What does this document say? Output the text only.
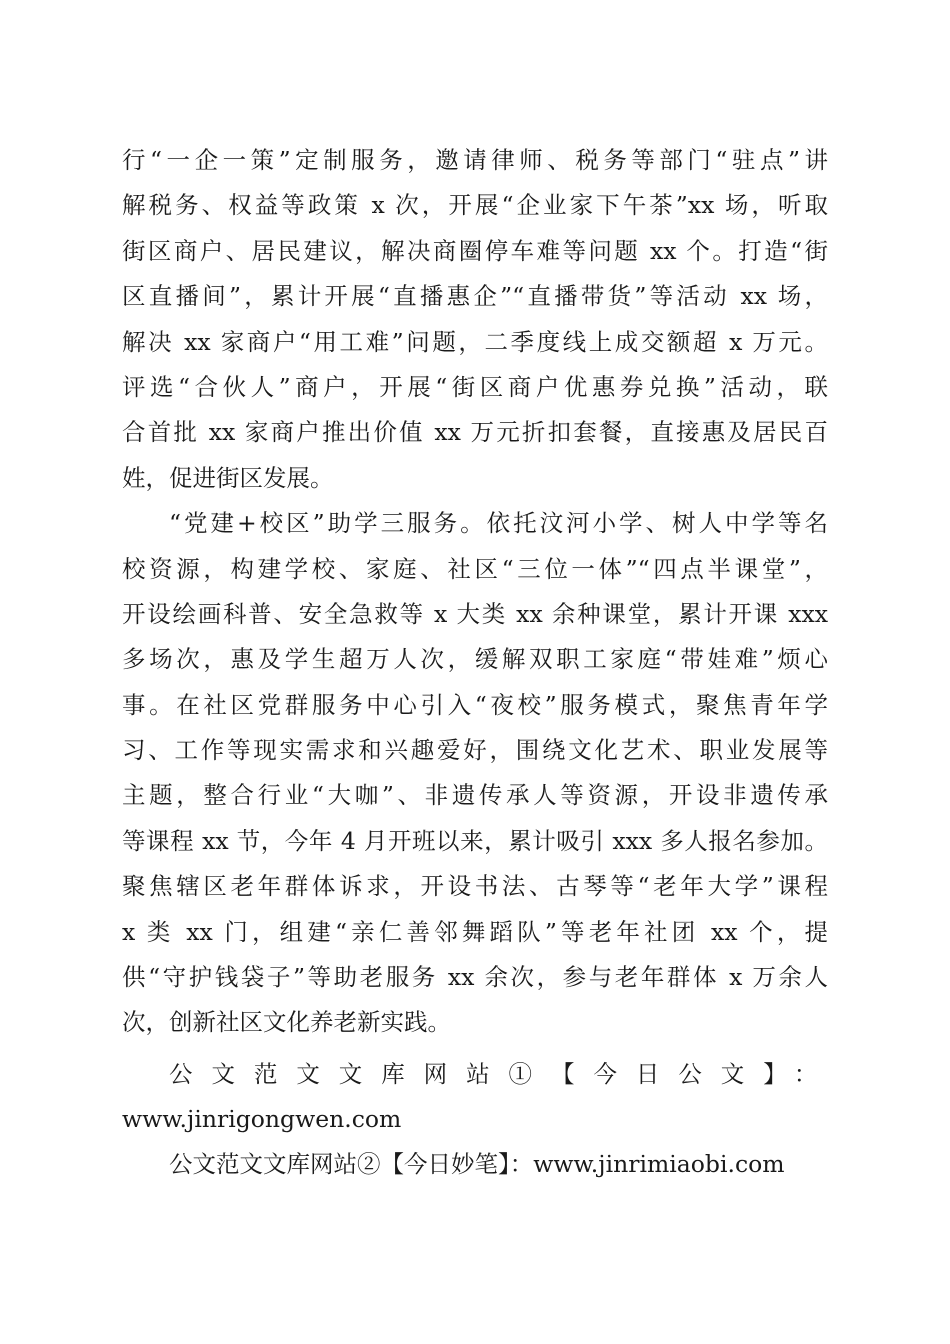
行“一企一策”定制服务，邀请律师、税务等部门“驻点”讲
解税务、权益等政策 x 次，开展“企业家下午茶”xx 场，听取
街区商户、居民建议，解决商圈停车难等问题 xx 个。打造“街
区直播间”，累计开展“直播惠企”“直播带货”等活动 xx 场，
解决 xx 家商户“用工难”问题，二季度线上成交额超 x 万元。
评选“合伙人”商户，开展“街区商户优惠券兑换”活动，联
合首批 xx 家商户推出价值 xx 万元折扣套餐，直接惠及居民百
姓，促进街区发展。
“党建+校区”助学三服务。依托汶河小学、树人中学等名
校资源，构建学校、家庭、社区“三位一体”“四点半课堂”，
开设绘画科普、安全急救等 x 大类 xx 余种课堂，累计开课 xxx
多场次，惠及学生超万人次，缓解双职工家庭“带娃难”烦心
事。在社区党群服务中心引入“夜校”服务模式，聚焦青年学
习、工作等现实需求和兴趣爱好，围绕文化艺术、职业发展等
主题，整合行业“大咖”、非遗传承人等资源，开设非遗传承
等课程 xx 节，今年 4 月开班以来，累计吸引 xxx 多人报名参加。
聚焦辖区老年群体诉求，开设书法、古琴等“老年大学”课程
x 类 xx 门，组建“亲仁善邻舞蹈队”等老年社团 xx 个，提
供“守护钱袋子”等助老服务 xx 余次，参与老年群体 x 万余人
次，创新社区文化养老新实践。
公文范文文库网站①【今日公文】：
www.jinrigongwen.com
公文范文文库网站②【今日妙笔】：www.jinrimiaobi.com
